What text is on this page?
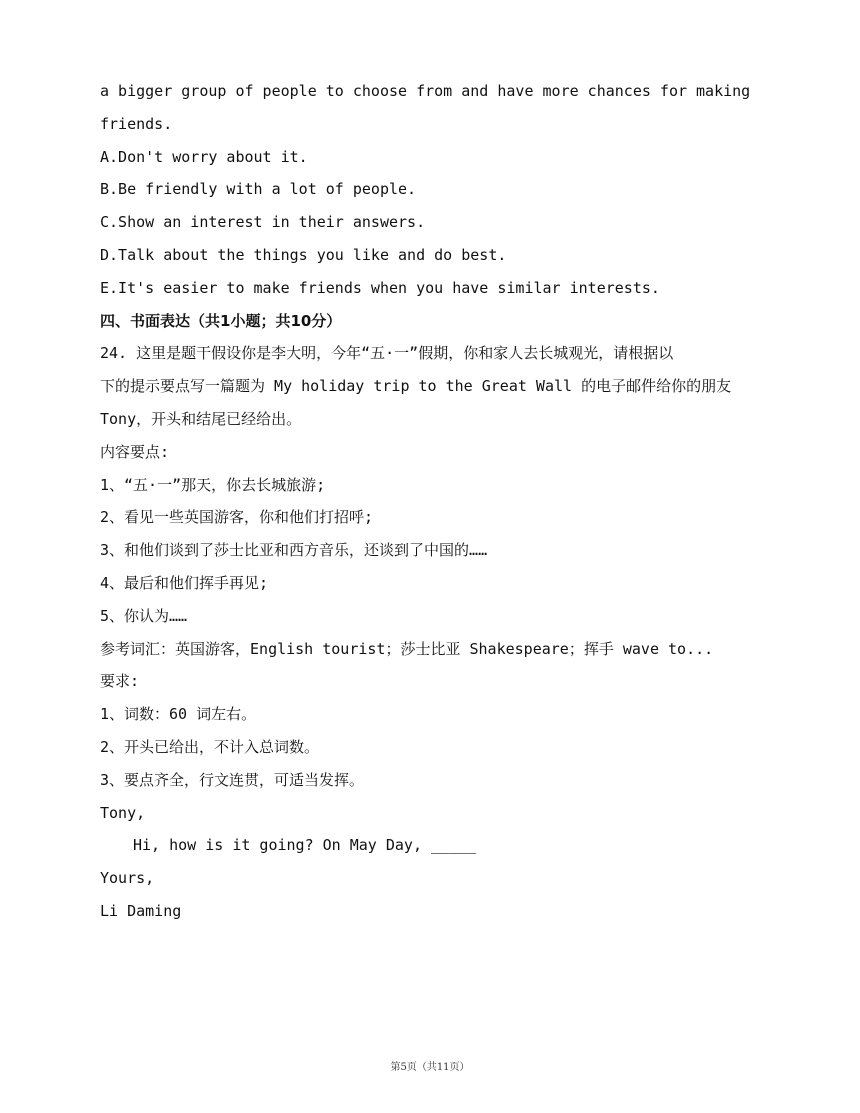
a bigger group of people to choose from and have more chances for making
friends.
A.Don't worry about it.
B.Be friendly with a lot of people.
C.Show an interest in their answers.
D.Talk about the things you like and do best.
E.It's easier to make friends when you have similar interests.
四、书面表达（共1小题；共10分）
24. 这里是题干假设你是李大明，今年“五·一”假期，你和家人去长城观光，请根据以
下的提示要点写一篇题为 My holiday trip to the Great Wall 的电子邮件给你的朋友
Tony，开头和结尾已经给出。
内容要点:
1、“五·一”那天，你去长城旅游;
2、看见一些英国游客，你和他们打招呼;
3、和他们谈到了莎士比亚和西方音乐，还谈到了中国的……
4、最后和他们挥手再见;
5、你认为……
参考词汇：英国游客，English tourist；莎士比亚 Shakespeare；挥手 wave to...
要求:
1、词数：60 词左右。
2、开头已给出，不计入总词数。
3、要点齐全，行文连贯，可适当发挥。
Tony,
Hi, how is it going? On May Day, _____
Yours,
Li Daming
第5页（共11页）
